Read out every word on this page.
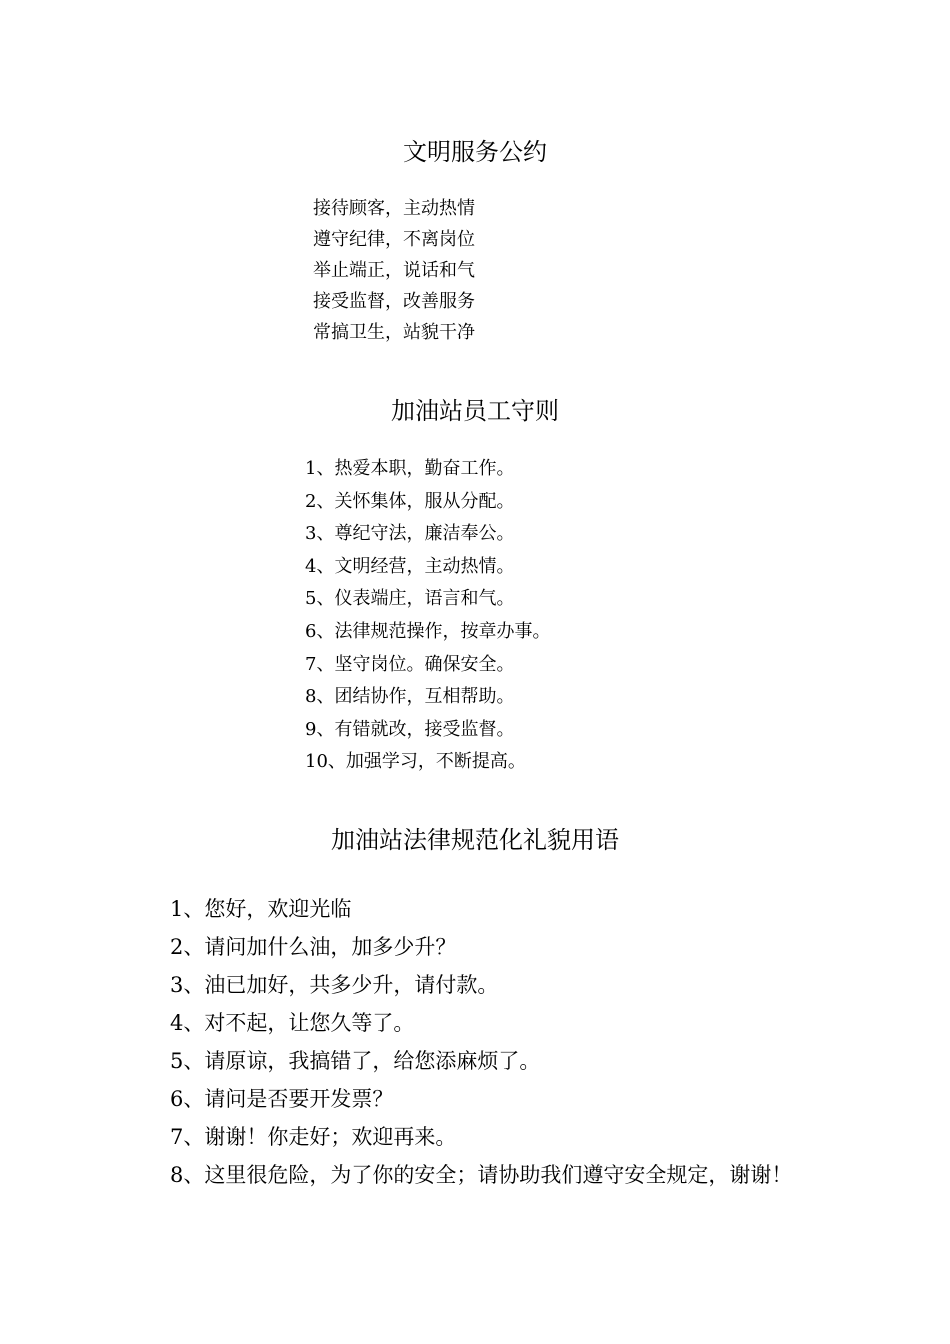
文明服务公约
接待顾客，主动热情
遵守纪律，不离岗位
举止端正，说话和气
接受监督，改善服务
常搞卫生，站貌干净
加油站员工守则
1、热爱本职，勤奋工作。
2、关怀集体，服从分配。
3、尊纪守法，廉洁奉公。
4、文明经营，主动热情。
5、仪表端庄，语言和气。
6、法律规范操作，按章办事。
7、坚守岗位。确保安全。
8、团结协作，互相帮助。
9、有错就改，接受监督。
10、加强学习，不断提高。
加油站法律规范化礼貌用语
1、您好，欢迎光临
2、请问加什么油，加多少升？
3、油已加好，共多少升，请付款。
4、对不起，让您久等了。
5、请原谅，我搞错了，给您添麻烦了。
6、请问是否要开发票？
7、谢谢！你走好；欢迎再来。
8、这里很危险，为了你的安全；请协助我们遵守安全规定，谢谢！
